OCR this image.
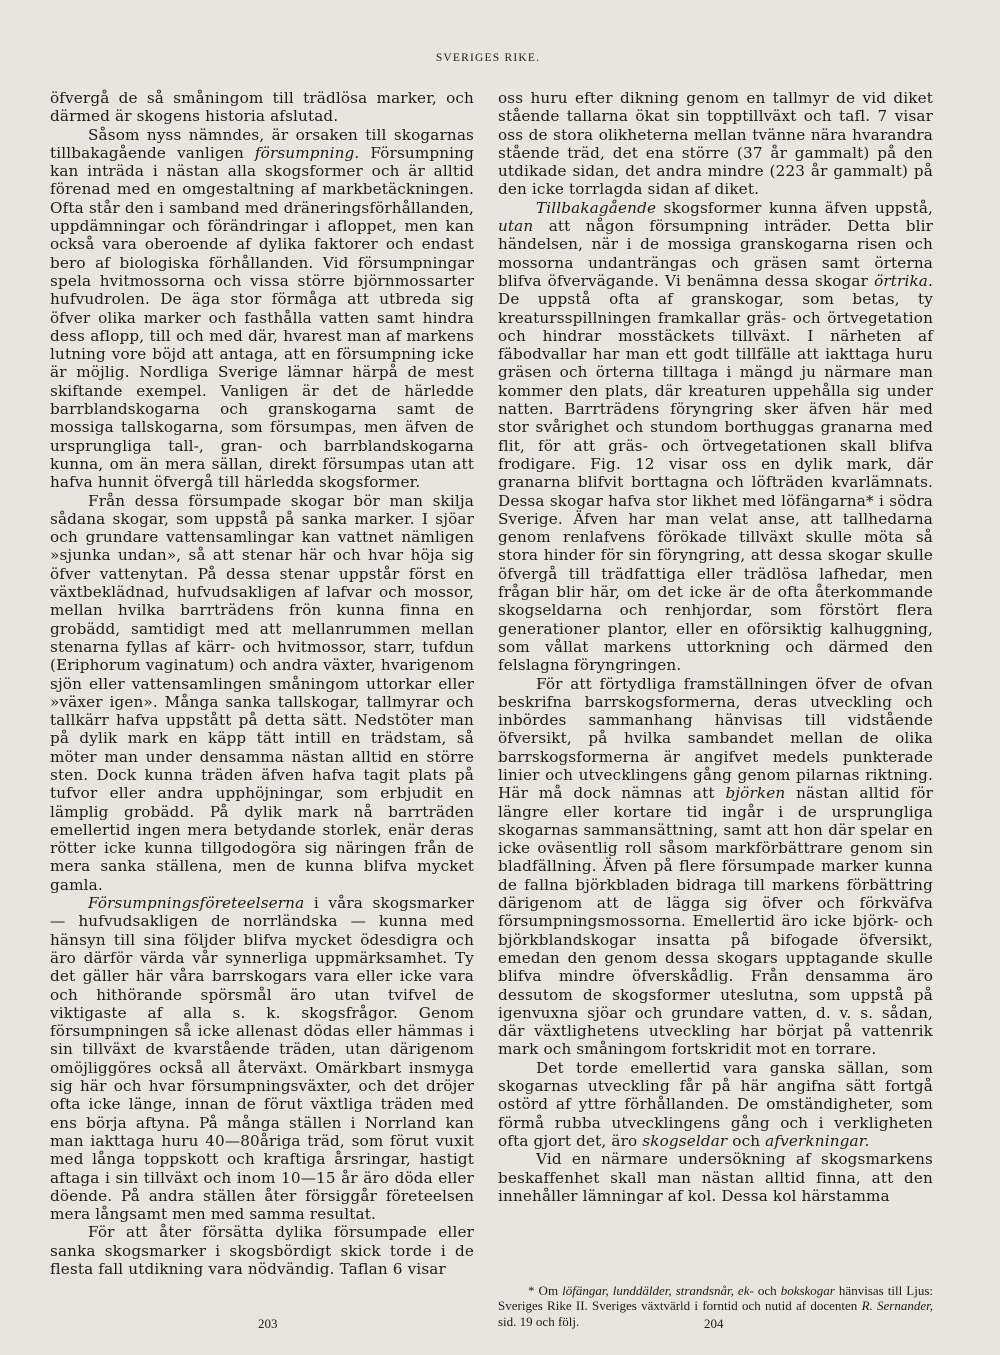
SVERIGES RIKE.

öfvergå de så småningom till trädlösa marker, och därmed är skogens historia afslutad.

Såsom nyss nämndes, är orsaken till skogarnas tillbakagående vanligen försumpning. Försumpning kan inträda i nästan alla skogsformer och är alltid förenad med en omgestaltning af markbetäckningen. Ofta står den i samband med dräneringsförhållanden, uppdämningar och förändringar i afloppet, men kan också vara oberoende af dylika faktorer och endast bero af biologiska förhållanden. Vid försumpningar spela hvitmossorna och vissa större björnmossarter hufvudrolen. De äga stor förmåga att utbreda sig öfver olika marker och fasthålla vatten samt hindra dess aflopp, till och med där, hvarest man af markens lutning vore böjd att antaga, att en försumpning icke är möjlig. Nordliga Sverige lämnar härpå de mest skiftande exempel. Vanligen är det de härledde barrblandskogarna och granskogarna samt de mossiga tallskogarna, som försumpas, men äfven de ursprungliga tall-, gran- och barrblandskogarna kunna, om än mera sällan, direkt försumpas utan att hafva hunnit öfvergå till härledda skogsformer.

Från dessa försumpade skogar bör man skilja sådana skogar, som uppstå på sanka marker. I sjöar och grundare vattensamlingar kan vattnet nämligen »sjunka undan», så att stenar här och hvar höja sig öfver vattenytan. På dessa stenar uppstår först en växtbeklädnad, hufvudsakligen af lafvar och mossor, mellan hvilka barrträdens frön kunna finna en grobädd, samtidigt med att mellanrummen mellan stenarna fyllas af kärr- och hvitmossor, starr, tufdun (Eriphorum vaginatum) och andra växter, hvarigenom sjön eller vattensamlingen småningom uttorkar eller »växer igen». Många sanka tallskogar, tallmyrar och tallkärr hafva uppstått på detta sätt. Nedstöter man på dylik mark en käpp tätt intill en trädstam, så möter man under densamma nästan alltid en större sten. Dock kunna träden äfven hafva tagit plats på tufvor eller andra upphöjningar, som erbjudit en lämplig grobädd. På dylik mark nå barrträden emellertid ingen mera betydande storlek, enär deras rötter icke kunna tillgodogöra sig näringen från de mera sanka ställena, men de kunna blifva mycket gamla.

Försumpningsföreteelserna i våra skogsmarker — hufvudsakligen de norrländska — kunna med hänsyn till sina följder blifva mycket ödesdigra och äro därför värda vår synnerliga uppmärksamhet. Ty det gäller här våra barrskogars vara eller icke vara och hithörande spörsmål äro utan tvifvel de viktigaste af alla s. k. skogsfrågor. Genom försumpningen så icke allenast dödas eller hämmas i sin tillväxt de kvarstående träden, utan därigenom omöjliggöres också all återväxt. Omärkbart insmyga sig här och hvar försumpningsväxter, och det dröjer ofta icke länge, innan de förut växtliga träden med ens börja aftyna. På många ställen i Norrland kan man iakttaga huru 40—80åriga träd, som förut vuxit med långa toppskott och kraftiga årsringar, hastigt aftaga i sin tillväxt och inom 10—15 år äro döda eller döende. På andra ställen åter försiggår företeelsen mera långsamt men med samma resultat.

För att åter försätta dylika försumpade eller sanka skogsmarker i skogsbördigt skick torde i de flesta fall utdikning vara nödvändig. Taflan 6 visar

oss huru efter dikning genom en tallmyr de vid diket stående tallarna ökat sin topptillväxt och tafl. 7 visar oss de stora olikheterna mellan tvänne nära hvarandra stående träd, det ena större (37 år gammalt) på den utdikade sidan, det andra mindre (223 år gammalt) på den icke torrlagda sidan af diket.

Tillbakagående skogsformer kunna äfven uppstå, utan att någon försumpning inträder. Detta blir händelsen, när i de mossiga granskogarna risen och mossorna undanträngas och gräsen samt örterna blifva öfvervägande. Vi benämna dessa skogar örtrika. De uppstå ofta af granskogar, som betas, ty kreatursspillningen framkallar gräs- och örtvegetation och hindrar mosstäckets tillväxt. I närheten af fäbodvallar har man ett godt tillfälle att iakttaga huru gräsen och örterna tilltaga i mängd ju närmare man kommer den plats, där kreaturen uppehålla sig under natten. Barrträdens föryngring sker äfven här med stor svårighet och stundom borthuggas granarna med flit, för att gräs- och örtvegetationen skall blifva frodigare. Fig. 12 visar oss en dylik mark, där granarna blifvit borttagna och löfträden kvarlämnats. Dessa skogar hafva stor likhet med löfängarna* i södra Sverige. Äfven har man velat anse, att tallhedarna genom renlafvens förökade tillväxt skulle möta så stora hinder för sin föryngring, att dessa skogar skulle öfvergå till trädfattiga eller trädlösa lafhedar, men frågan blir här, om det icke är de ofta återkommande skogseldarna och renhjordar, som förstört flera generationer plantor, eller en oförsiktig kalhuggning, som vållat markens uttorkning och därmed den felslagna föryngringen.

För att förtydliga framställningen öfver de ofvan beskrifna barrskogsformerna, deras utveckling och inbördes sammanhang hänvisas till vidstående öfversikt, på hvilka sambandet mellan de olika barrskogsformerna är angifvet medels punkterade linier och utvecklingens gång genom pilarnas riktning. Här må dock nämnas att björken nästan alltid för längre eller kortare tid ingår i de ursprungliga skogarnas sammansättning, samt att hon där spelar en icke oväsentlig roll såsom markförbättrare genom sin bladfällning. Äfven på flere försumpade marker kunna de fallna björkbladen bidraga till markens förbättring därigenom att de lägga sig öfver och förkväfva försumpningsmossorna. Emellertid äro icke björk- och björkblandskogar insatta på bifogade öfversikt, emedan den genom dessa skogars upptagande skulle blifva mindre öfverskådlig. Från densamma äro dessutom de skogsformer uteslutna, som uppstå på igenvuxna sjöar och grundare vatten, d. v. s. sådan, där växtlighetens utveckling har börjat på vattenrik mark och småningom fortskridit mot en torrare.

Det torde emellertid vara ganska sällan, som skogarnas utveckling får på här angifna sätt fortgå ostörd af yttre förhållanden. De omständigheter, som förmå rubba utvecklingens gång och i verkligheten ofta gjort det, äro skogseldar och afverkningar.

Vid en närmare undersökning af skogsmarkens beskaffenhet skall man nästan alltid finna, att den innehåller lämningar af kol. Dessa kol härstamma

* Om löfängar, lunddälder, strandsnår, ek- och bokskogar hänvisas till Ljus: Sveriges Rike II. Sveriges växtvärld i forntid och nutid af docenten R. Sernander, sid. 19 och följ.

203	204
